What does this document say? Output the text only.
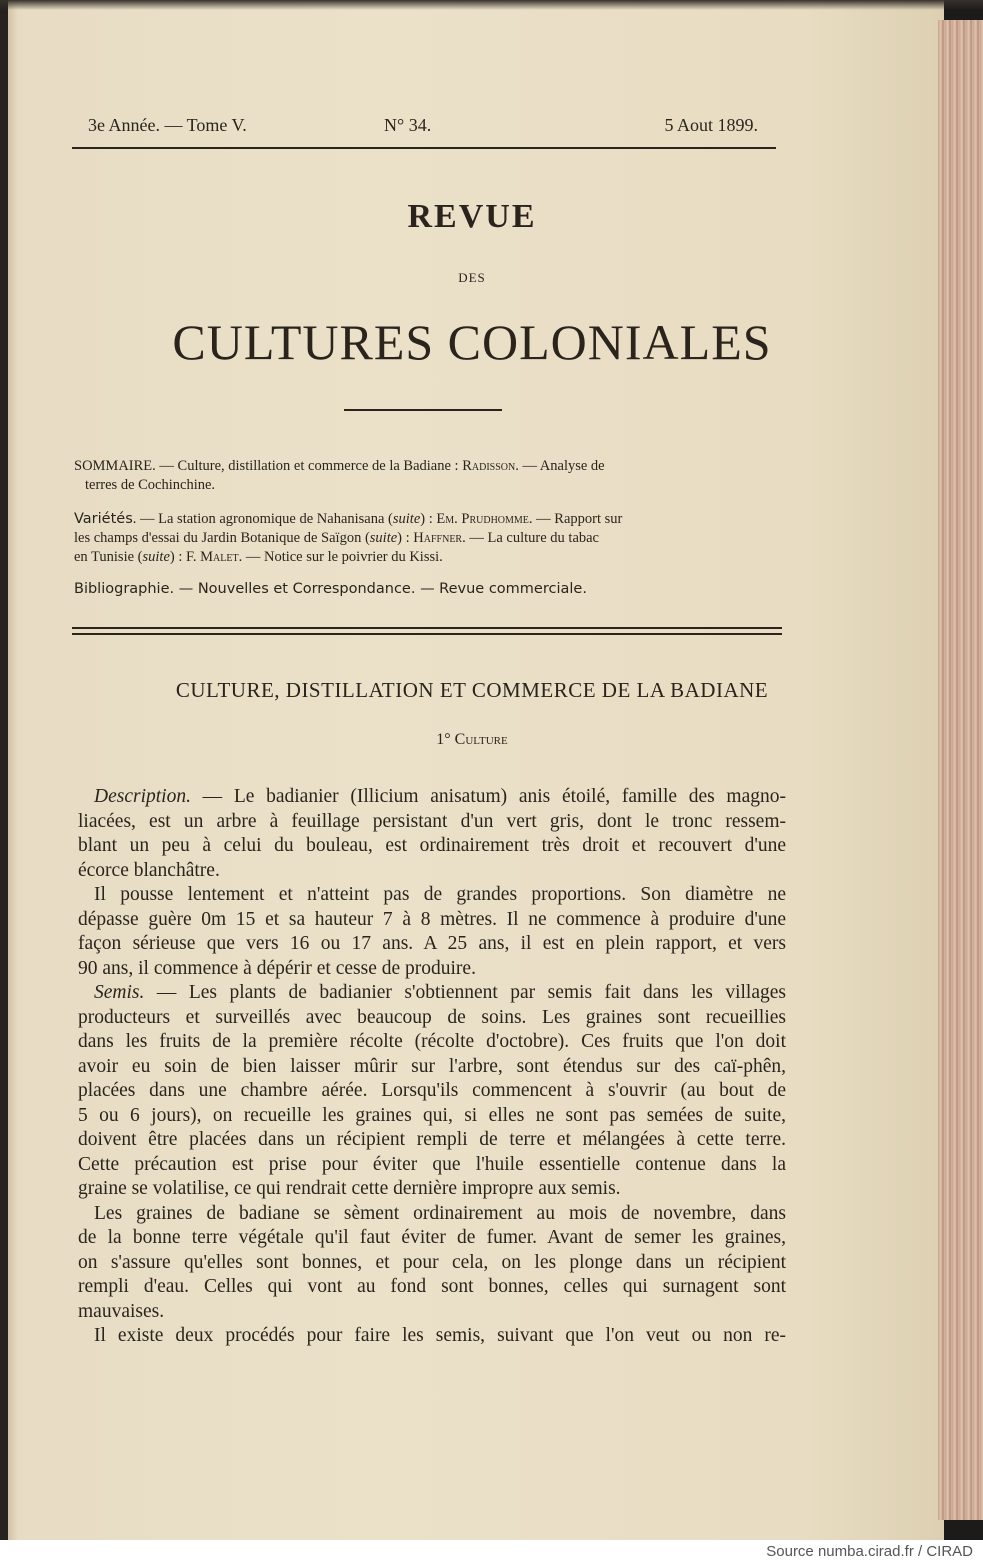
3e Année. — Tome V.	N° 34.	5 Aout 1899.
REVUE
DES
CULTURES COLONIALES
SOMMAIRE. — Culture, distillation et commerce de la Badiane : Radisson. — Analyse de
terres de Cochinchine.
Variétés. — La station agronomique de Nahanisana (suite) : Em. Prudhomme. — Rapport sur
les champs d'essai du Jardin Botanique de Saïgon (suite) : Haffner. — La culture du tabac
en Tunisie (suite) : F. Malet. — Notice sur le poivrier du Kissi.
Bibliographie. — Nouvelles et Correspondance. — Revue commerciale.
CULTURE, DISTILLATION ET COMMERCE DE LA BADIANE
1° Culture
Description. — Le badianier (Illicium anisatum) anis étoilé, famille des magno-
liacées, est un arbre à feuillage persistant d'un vert gris, dont le tronc ressem-
blant un peu à celui du bouleau, est ordinairement très droit et recouvert d'une
écorce blanchâtre.
Il pousse lentement et n'atteint pas de grandes proportions. Son diamètre ne
dépasse guère 0m 15 et sa hauteur 7 à 8 mètres. Il ne commence à produire d'une
façon sérieuse que vers 16 ou 17 ans. A 25 ans, il est en plein rapport, et vers
90 ans, il commence à dépérir et cesse de produire.
Semis. — Les plants de badianier s'obtiennent par semis fait dans les villages
producteurs et surveillés avec beaucoup de soins. Les graines sont recueillies
dans les fruits de la première récolte (récolte d'octobre). Ces fruits que l'on doit
avoir eu soin de bien laisser mûrir sur l'arbre, sont étendus sur des caï-phên,
placées dans une chambre aérée. Lorsqu'ils commencent à s'ouvrir (au bout de
5 ou 6 jours), on recueille les graines qui, si elles ne sont pas semées de suite,
doivent être placées dans un récipient rempli de terre et mélangées à cette terre.
Cette précaution est prise pour éviter que l'huile essentielle contenue dans la
graine se volatilise, ce qui rendrait cette dernière impropre aux semis.
Les graines de badiane se sèment ordinairement au mois de novembre, dans
de la bonne terre végétale qu'il faut éviter de fumer. Avant de semer les graines,
on s'assure qu'elles sont bonnes, et pour cela, on les plonge dans un récipient
rempli d'eau. Celles qui vont au fond sont bonnes, celles qui surnagent sont
mauvaises.
Il existe deux procédés pour faire les semis, suivant que l'on veut ou non re-
Source numba.cirad.fr / CIRAD
